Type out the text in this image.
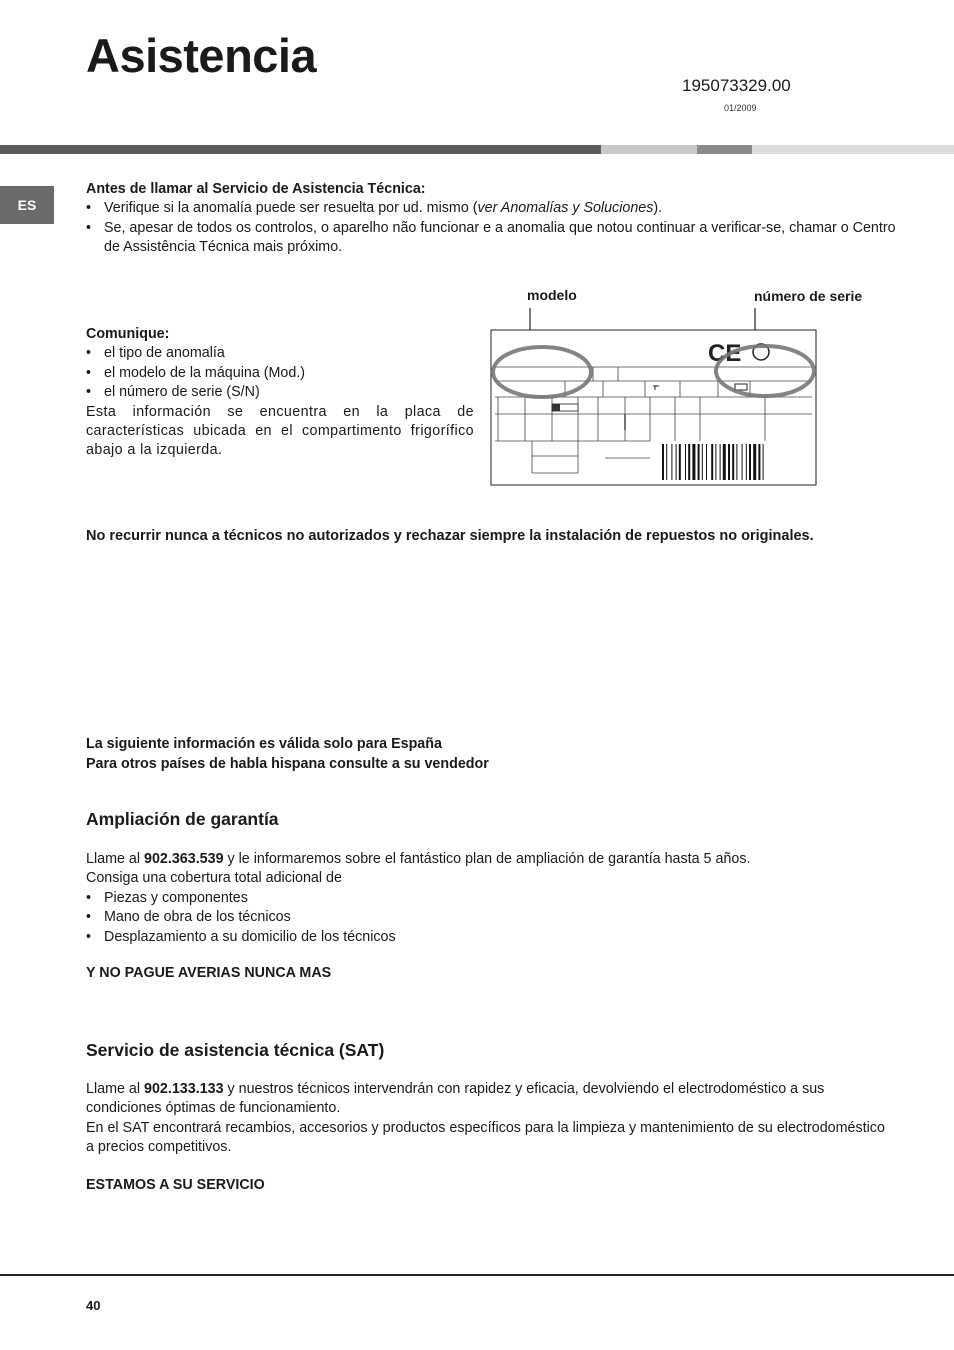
Asistencia
195073329.00
01/2009
ES
Antes de llamar al Servicio de Asistencia Técnica:
• Verifique si la anomalía puede ser resuelta por ud. mismo (ver Anomalías y Soluciones).
• Se, apesar de todos os controlos, o aparelho não funcionar e a anomalia que notou continuar a verificar-se, chamar o Centro de Assistência Técnica mais próximo.
Comunique:
• el tipo de anomalía
• el modelo de la máquina (Mod.)
• el número de serie (S/N)
Esta información se encuentra en la placa de características ubicada en el compartimento frigorífico abajo a la izquierda.
modelo	número de serie
CE
No recurrir nunca a técnicos no autorizados y rechazar siempre la instalación de repuestos no originales.
La siguiente información es válida solo para España
Para otros países de habla hispana consulte a su vendedor
Ampliación de garantía
Llame al 902.363.539 y le informaremos sobre el fantástico plan de ampliación de garantía hasta 5 años.
Consiga una cobertura total adicional de
• Piezas y componentes
• Mano de obra de los técnicos
• Desplazamiento a su domicilio de los técnicos
Y NO PAGUE AVERIAS NUNCA MAS
Servicio de asistencia técnica (SAT)
Llame al 902.133.133 y nuestros técnicos intervendrán con rapidez y eficacia, devolviendo el electrodoméstico a sus condiciones óptimas de funcionamiento.
En el SAT encontrará recambios, accesorios y productos específicos para la limpieza y mantenimiento de su electrodoméstico a precios competitivos.
ESTAMOS A SU SERVICIO
40
